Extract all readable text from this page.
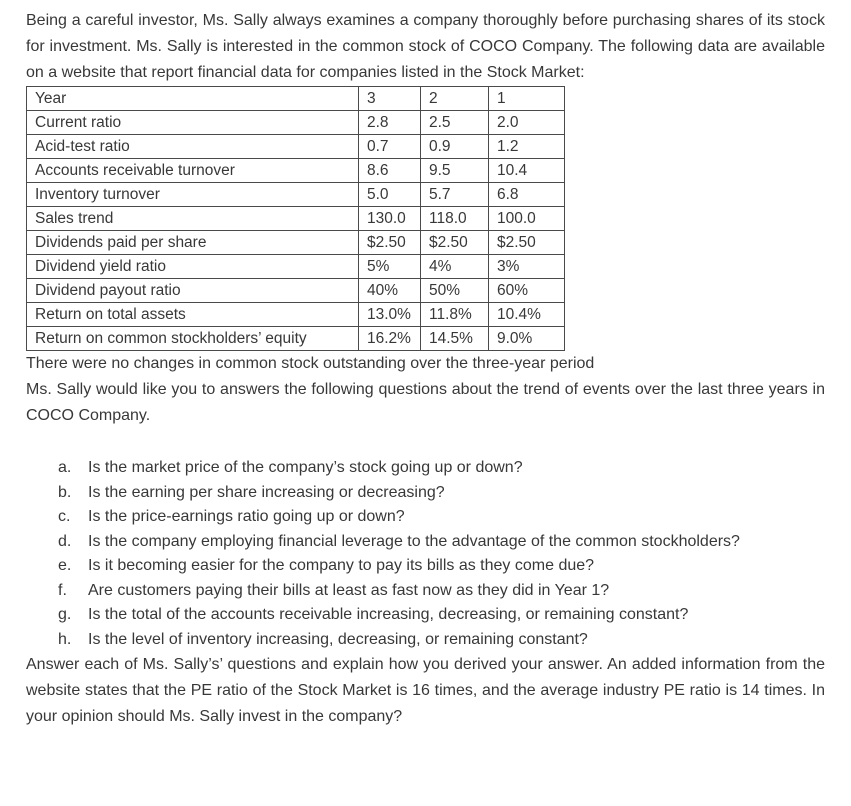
Being a careful investor, Ms. Sally always examines a company thoroughly before purchasing shares of its stock for investment. Ms. Sally is interested in the common stock of COCO Company. The following data are available on a website that report financial data for companies listed in the Stock Market:

Year	3	2	1
Current ratio	2.8	2.5	2.0
Acid-test ratio	0.7	0.9	1.2
Accounts receivable turnover	8.6	9.5	10.4
Inventory turnover	5.0	5.7	6.8
Sales trend	130.0	118.0	100.0
Dividends paid per share	$2.50	$2.50	$2.50
Dividend yield ratio	5%	4%	3%
Dividend payout ratio	40%	50%	60%
Return on total assets	13.0%	11.8%	10.4%
Return on common stockholders’ equity	16.2%	14.5%	9.0%

There were no changes in common stock outstanding over the three-year period

Ms. Sally would like you to answers the following questions about the trend of events over the last three years in COCO Company.

a.	Is the market price of the company’s stock going up or down?
b.	Is the earning per share increasing or decreasing?
c.	Is the price-earnings ratio going up or down?
d.	Is the company employing financial leverage to the advantage of the common stockholders?
e.	Is it becoming easier for the company to pay its bills as they come due?
f.	Are customers paying their bills at least as fast now as they did in Year 1?
g.	Is the total of the accounts receivable increasing, decreasing, or remaining constant?
h.	Is the level of inventory increasing, decreasing, or remaining constant?

Answer each of Ms. Sally’s’ questions and explain how you derived your answer. An added information from the website states that the PE ratio of the Stock Market is 16 times, and the average industry PE ratio is 14 times. In your opinion should Ms. Sally invest in the company?
